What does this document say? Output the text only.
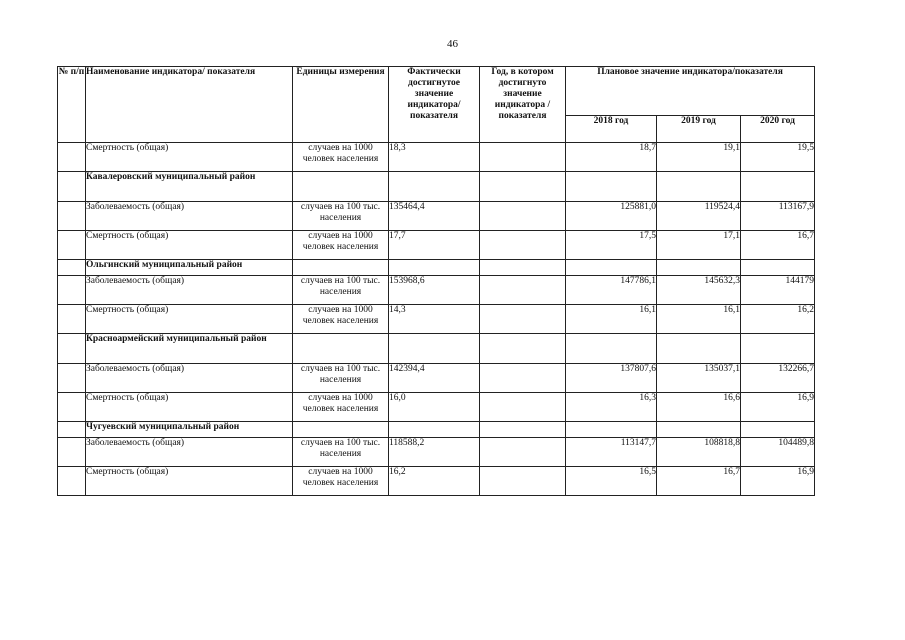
46
№ п/п	Наименование индикатора/ показателя	Единицы измерения	Фактически достигнутое значение индикатора/ показателя	Год, в котором достигнуто значение индикатора /показателя	Плановое значение индикатора/показателя		
					2018 год	2019 год	2020 год
	Смертность (общая)	случаев на 1000 человек населения	18,3		18,7	19,1	19,5
	Кавалеровский муниципальный район						
	Заболеваемость (общая)	случаев на 100 тыс. населения	135464,4		125881,0	119524,4	113167,9
	Смертность (общая)	случаев на 1000 человек населения	17,7		17,5	17,1	16,7
	Ольгинский муниципальный район						
	Заболеваемость (общая)	случаев на 100 тыс. населения	153968,6		147786,1	145632,3	144179
	Смертность (общая)	случаев на 1000 человек населения	14,3		16,1	16,1	16,2
	Красноармейский муниципальный район						
	Заболеваемость (общая)	случаев на 100 тыс. населения	142394,4		137807,6	135037,1	132266,7
	Смертность (общая)	случаев на 1000 человек населения	16,0		16,3	16,6	16,9
	Чугуевский муниципальный район						
	Заболеваемость (общая)	случаев на 100 тыс. населения	118588,2		113147,7	108818,8	104489,8
	Смертность (общая)	случаев на 1000 человек населения	16,2		16,5	16,7	16,9
